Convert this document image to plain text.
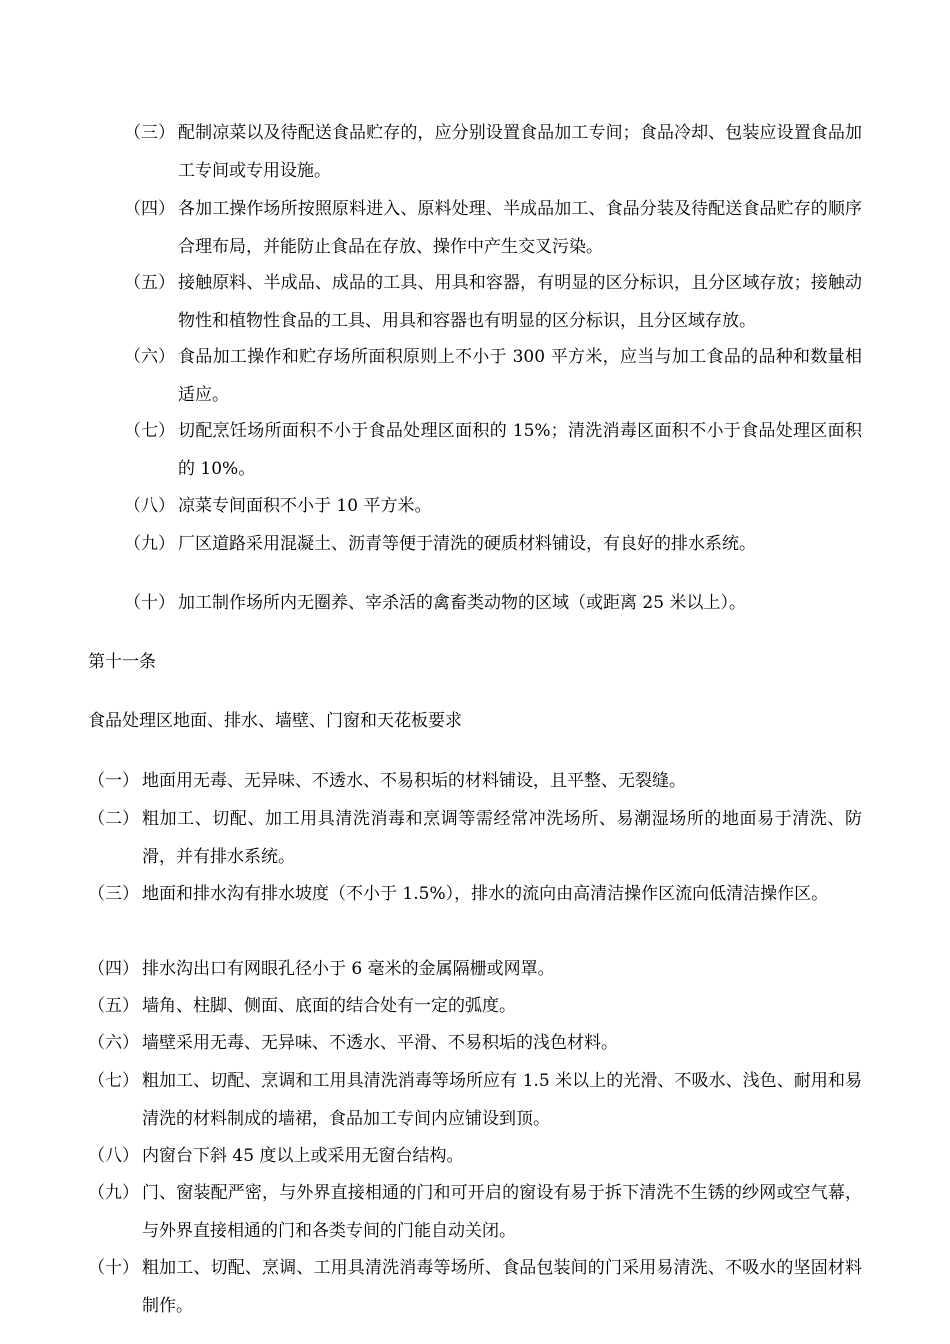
（三） 配制凉菜以及待配送食品贮存的，应分别设置食品加工专间；食品冷却、包装应设置食品加工专间或专用设施。
（四） 各加工操作场所按照原料进入、原料处理、半成品加工、食品分装及待配送食品贮存的顺序合理布局，并能防止食品在存放、操作中产生交叉污染。
（五） 接触原料、半成品、成品的工具、用具和容器，有明显的区分标识，且分区域存放；接触动物性和植物性食品的工具、用具和容器也有明显的区分标识，且分区域存放。
（六） 食品加工操作和贮存场所面积原则上不小于 300 平方米，应当与加工食品的品种和数量相适应。
（七） 切配烹饪场所面积不小于食品处理区面积的 15%；清洗消毒区面积不小于食品处理区面积的 10%。
（八） 凉菜专间面积不小于 10 平方米。
（九） 厂区道路采用混凝土、沥青等便于清洗的硬质材料铺设，有良好的排水系统。
（十） 加工制作场所内无圈养、宰杀活的禽畜类动物的区域（或距离 25 米以上）。
第十一条
食品处理区地面、排水、墙壁、门窗和天花板要求
（一） 地面用无毒、无异味、不透水、不易积垢的材料铺设，且平整、无裂缝。
（二） 粗加工、切配、加工用具清洗消毒和烹调等需经常冲洗场所、易潮湿场所的地面易于清洗、防滑，并有排水系统。
（三） 地面和排水沟有排水坡度（不小于 1.5%），排水的流向由高清洁操作区流向低清洁操作区。
（四） 排水沟出口有网眼孔径小于 6 毫米的金属隔栅或网罩。
（五） 墙角、柱脚、侧面、底面的结合处有一定的弧度。
（六） 墙壁采用无毒、无异味、不透水、平滑、不易积垢的浅色材料。
（七） 粗加工、切配、烹调和工用具清洗消毒等场所应有 1.5 米以上的光滑、不吸水、浅色、耐用和易清洗的材料制成的墙裙，食品加工专间内应铺设到顶。
（八） 内窗台下斜 45 度以上或采用无窗台结构。
（九） 门、窗装配严密，与外界直接相通的门和可开启的窗设有易于拆下清洗不生锈的纱网或空气幕，与外界直接相通的门和各类专间的门能自动关闭。
（十） 粗加工、切配、烹调、工用具清洗消毒等场所、食品包装间的门采用易清洗、不吸水的坚固材料制作。
